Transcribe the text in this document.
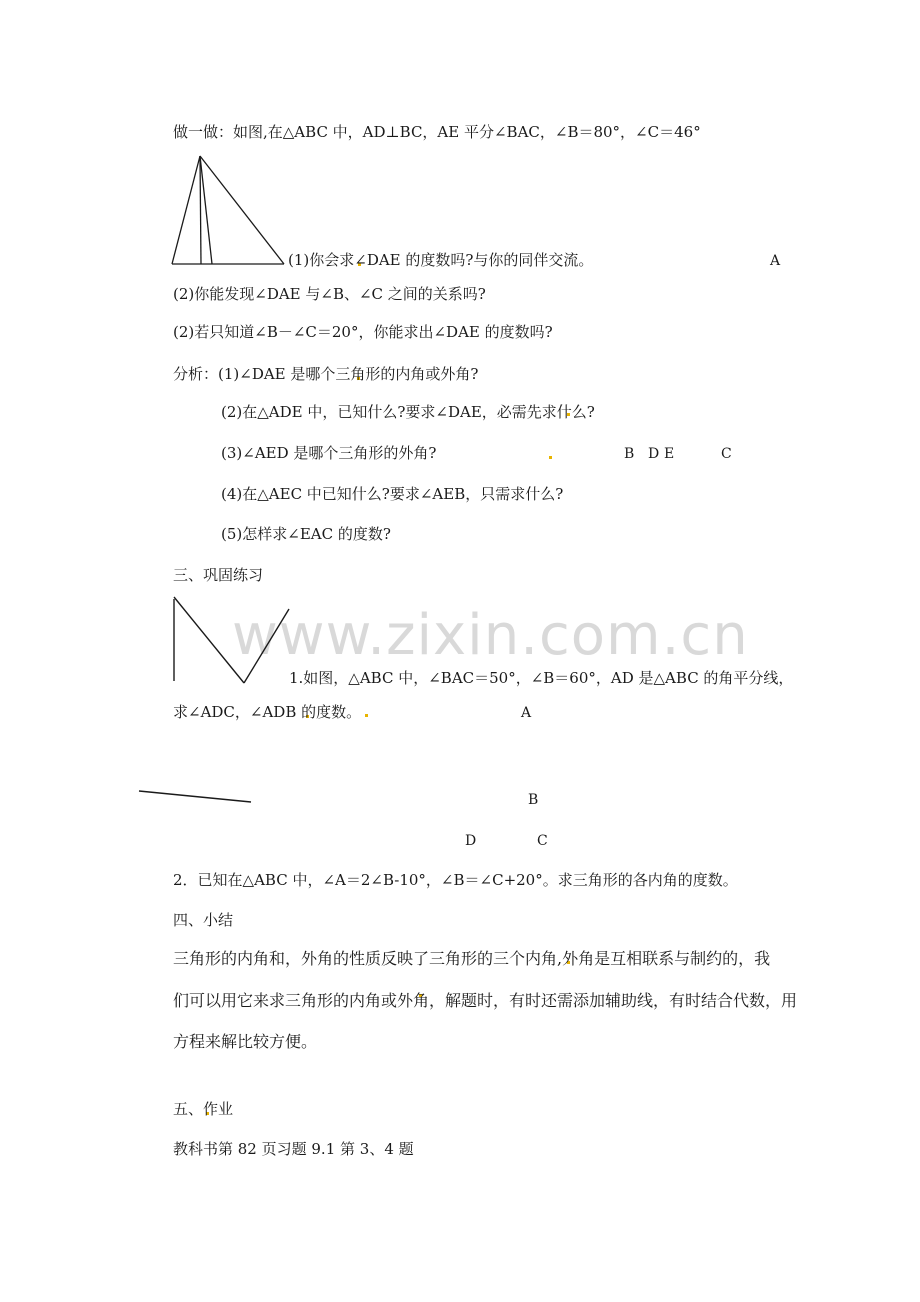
www.zixin.com.cn
做一做：如图,在△ABC 中，AD⊥BC，AE 平分∠BAC，∠B＝80°，∠C＝46°
(1)你会求∠DAE 的度数吗?与你的同伴交流。
(2)你能发现∠DAE 与∠B、∠C 之间的关系吗?
(2)若只知道∠B－∠C＝20°，你能求出∠DAE 的度数吗?
分析：(1)∠DAE 是哪个三角形的内角或外角?
(2)在△ADE 中，已知什么?要求∠DAE，必需先求什么?
(3)∠AED 是哪个三角形的外角?
(4)在△AEC 中已知什么?要求∠AEB，只需求什么?
(5)怎样求∠EAC 的度数?
三、巩固练习
1.如图，△ABC 中，∠BAC＝50°，∠B＝60°，AD 是△ABC 的角平分线，
求∠ADC，∠ADB 的度数。
2．已知在△ABC 中，∠A＝2∠B-10°，∠B＝∠C+20°。求三角形的各内角的度数。
四、小结
三角形的内角和，外角的性质反映了三角形的三个内角,外角是互相联系与制约的，我
们可以用它来求三角形的内角或外角，解题时，有时还需添加辅助线，有时结合代数，用
方程来解比较方便。
五、作业
教科书第 82 页习题 9.1 第 3、4 题
A
B D E	C
A
B
D	C
